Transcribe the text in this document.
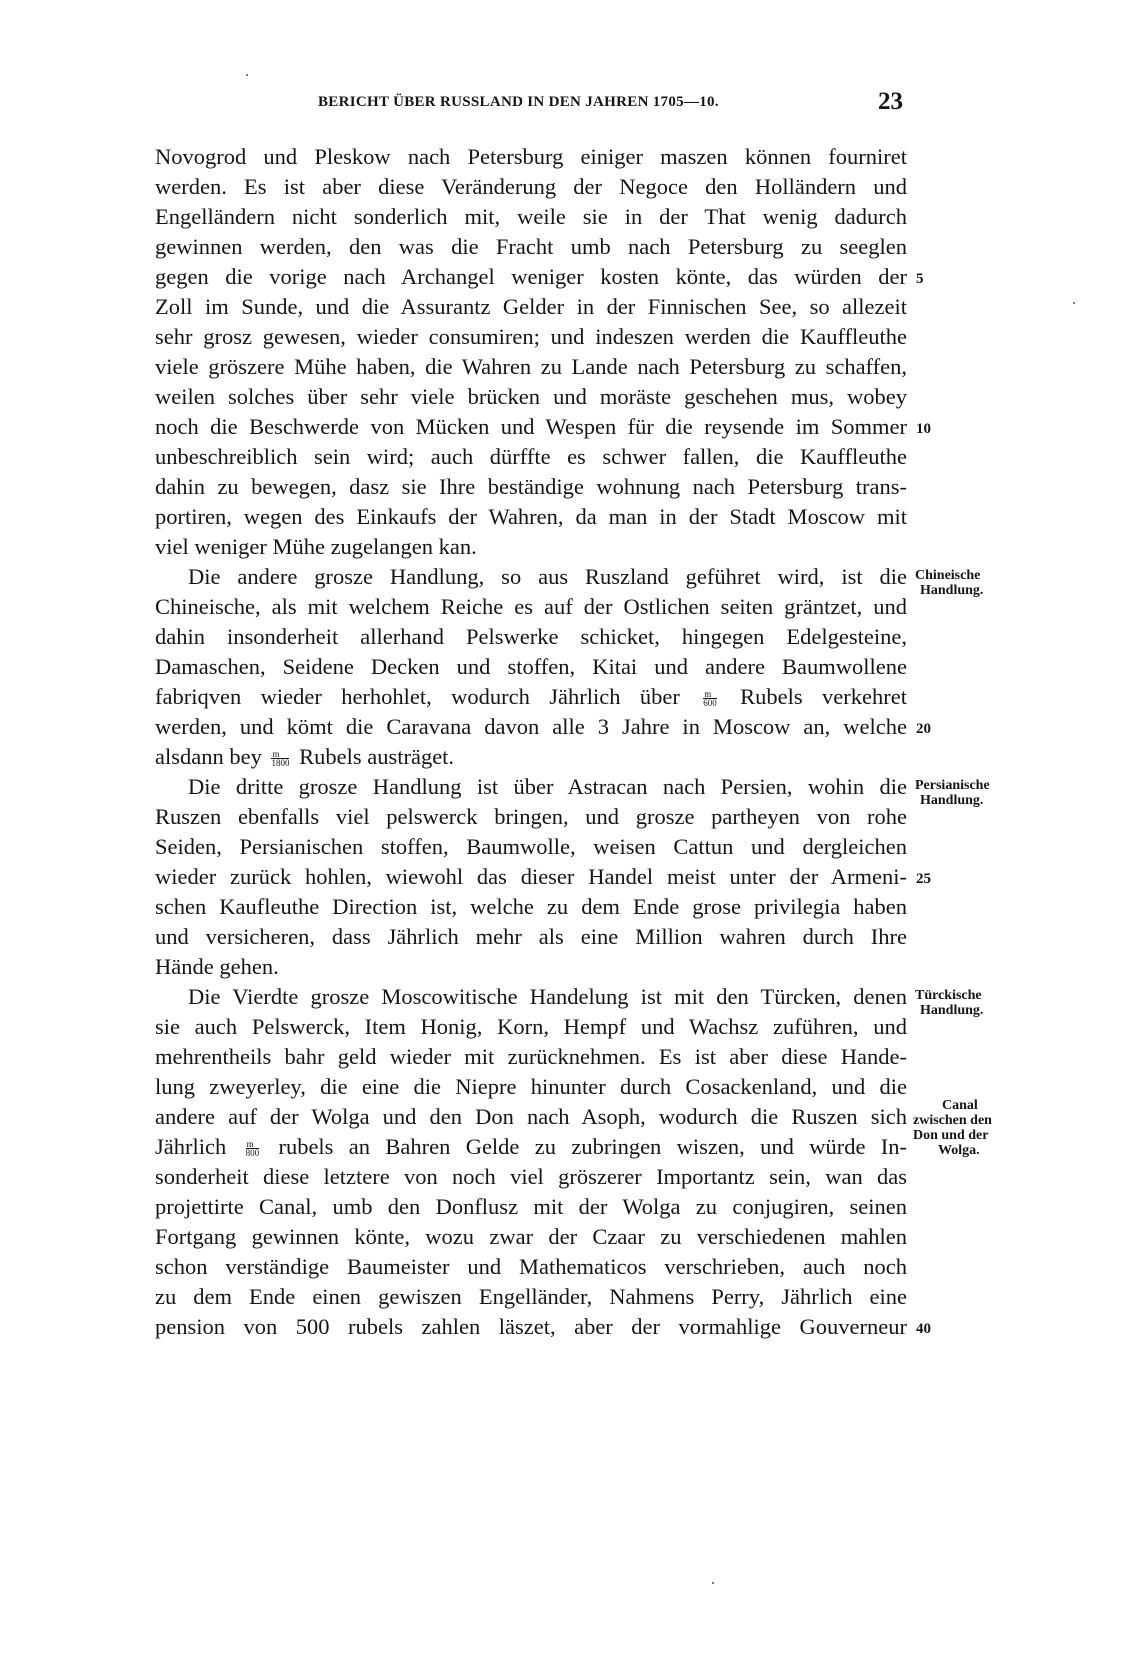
BERICHT ÜBER RUSSLAND IN DEN JAHREN 1705—10.	23
Novogrod und Pleskow nach Petersburg einiger maszen können fourniret
werden. Es ist aber diese Veränderung der Negoce den Holländern und
Engelländern nicht sonderlich mit, weile sie in der That wenig dadurch
gewinnen werden, den was die Fracht umb nach Petersburg zu seeglen
gegen die vorige nach Archangel weniger kosten könte, das würden der
Zoll im Sunde, und die Assurantz Gelder in der Finnischen See, so allezeit
sehr grosz gewesen, wieder consumiren; und indeszen werden die Kauffleuthe
viele gröszere Mühe haben, die Wahren zu Lande nach Petersburg zu schaffen,
weilen solches über sehr viele brücken und moräste geschehen mus, wobey
noch die Beschwerde von Mücken und Wespen für die reysende im Sommer
unbeschreiblich sein wird; auch dürffte es schwer fallen, die Kauffleuthe
dahin zu bewegen, dasz sie Ihre beständige wohnung nach Petersburg trans-
portiren, wegen des Einkaufs der Wahren, da man in der Stadt Moscow mit
viel weniger Mühe zugelangen kan.
Die andere grosze Handlung, so aus Ruszland geführet wird, ist die
Chineische, als mit welchem Reiche es auf der Ostlichen seiten gräntzet, und
dahin insonderheit allerhand Pelswerke schicket, hingegen Edelgesteine,
Damaschen, Seidene Decken und stoffen, Kitai und andere Baumwollene
fabriqven wieder herhohlet, wodurch Jährlich über	$\frac{m}{600}$ Rubels verkehret
werden, und kömt die Caravana davon alle 3 Jahre in Moscow an, welche
alsdann bey $\frac{m}{1800}$ Rubels austräget.
Die dritte grosze Handlung ist über Astracan nach Persien, wohin die
Ruszen ebenfalls viel pelswerck bringen, und grosze partheyen von rohe
Seiden, Persianischen stoffen, Baumwolle, weisen Cattun und dergleichen
wieder zurück hohlen, wiewohl das dieser Handel meist unter der Armeni-
schen Kaufleuthe Direction ist, welche zu dem Ende grose privilegia haben
und versicheren, dass Jährlich mehr als eine Million wahren durch Ihre
Hände gehen.
Die Vierdte grosze Moscowitische Handelung ist mit den Türcken, denen
sie auch Pelswerck, Item Honig, Korn, Hempf und Wachsz zuführen, und
mehrentheils bahr geld wieder mit zurücknehmen. Es ist aber diese Hande-
lung zweyerley, die eine die Niepre hinunter durch Cosackenland, und die
andere auf der Wolga und den Don nach Asoph, wodurch die Ruszen sich
Jährlich $\frac{m}{800}$ rubels an Bahren Gelde zu zubringen wiszen, und würde In-
sonderheit diese letztere von noch viel gröszerer Importantz sein, wan das
projettirte Canal, umb den Donflusz mit der Wolga zu conjugiren, seinen
Fortgang gewinnen könte, wozu zwar der Czaar zu verschiedenen mahlen
schon verständige Baumeister und Mathematicos verschrieben, auch noch
zu dem Ende einen gewiszen Engelländer, Nahmens Perry, Jährlich eine
pension von 500 rubels zahlen läszet, aber der vormahlige Gouverneur
5
10
20
25
40
Chineische
Handlung.
Persianische
Handlung.
Türckische
Handlung.
Canal
zwischen den
Don und der
Wolga.
